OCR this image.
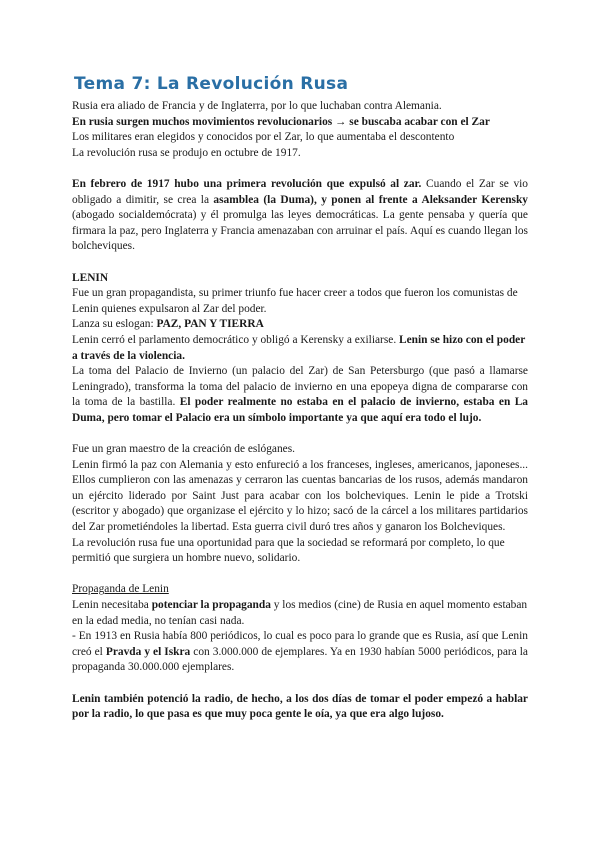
Tema 7: La Revolución Rusa

Rusia era aliado de Francia y de Inglaterra, por lo que luchaban contra Alemania.

En rusia surgen muchos movimientos revolucionarios → se buscaba acabar con el Zar

Los militares eran elegidos y conocidos por el Zar, lo que aumentaba el descontento

La revolución rusa se produjo en octubre de 1917.

En febrero de 1917 hubo una primera revolución que expulsó al zar. Cuando el Zar se vio obligado a dimitir, se crea la asamblea (la Duma), y ponen al frente a Aleksander Kerensky (abogado socialdemócrata) y él promulga las leyes democráticas. La gente pensaba y quería que firmara la paz, pero Inglaterra y Francia amenazaban con arruinar el país. Aquí es cuando llegan los bolcheviques.

LENIN

Fue un gran propagandista, su primer triunfo fue hacer creer a todos que fueron los comunistas de Lenin quienes expulsaron al Zar del poder.

Lanza su eslogan: PAZ, PAN Y TIERRA

Lenin cerró el parlamento democrático y obligó a Kerensky a exiliarse. Lenin se hizo con el poder a través de la violencia.

La toma del Palacio de Invierno (un palacio del Zar) de San Petersburgo (que pasó a llamarse Leningrado), transforma la toma del palacio de invierno en una epopeya digna de compararse con la toma de la bastilla. El poder realmente no estaba en el palacio de invierno, estaba en La Duma, pero tomar el Palacio era un símbolo importante ya que aquí era todo el lujo.

Fue un gran maestro de la creación de eslóganes.

Lenin firmó la paz con Alemania y esto enfureció a los franceses, ingleses, americanos, japoneses... Ellos cumplieron con las amenazas y cerraron las cuentas bancarias de los rusos, además mandaron un ejército liderado por Saint Just para acabar con los bolcheviques. Lenin le pide a Trotski (escritor y abogado) que organizase el ejército y lo hizo; sacó de la cárcel a los militares partidarios del Zar prometiéndoles la libertad. Esta guerra civil duró tres años y ganaron los Bolcheviques.

La revolución rusa fue una oportunidad para que la sociedad se reformará por completo, lo que permitió que surgiera un hombre nuevo, solidario.

Propaganda de Lenin

Lenin necesitaba potenciar la propaganda y los medios (cine) de Rusia en aquel momento estaban en la edad media, no tenían casi nada.

- En 1913 en Rusia había 800 periódicos, lo cual es poco para lo grande que es Rusia, así que Lenin creó el Pravda y el Iskra con 3.000.000 de ejemplares. Ya en 1930 habían 5000 periódicos, para la propaganda 30.000.000 ejemplares.

Lenin también potenció la radio, de hecho, a los dos días de tomar el poder empezó a hablar por la radio, lo que pasa es que muy poca gente le oía, ya que era algo lujoso.
